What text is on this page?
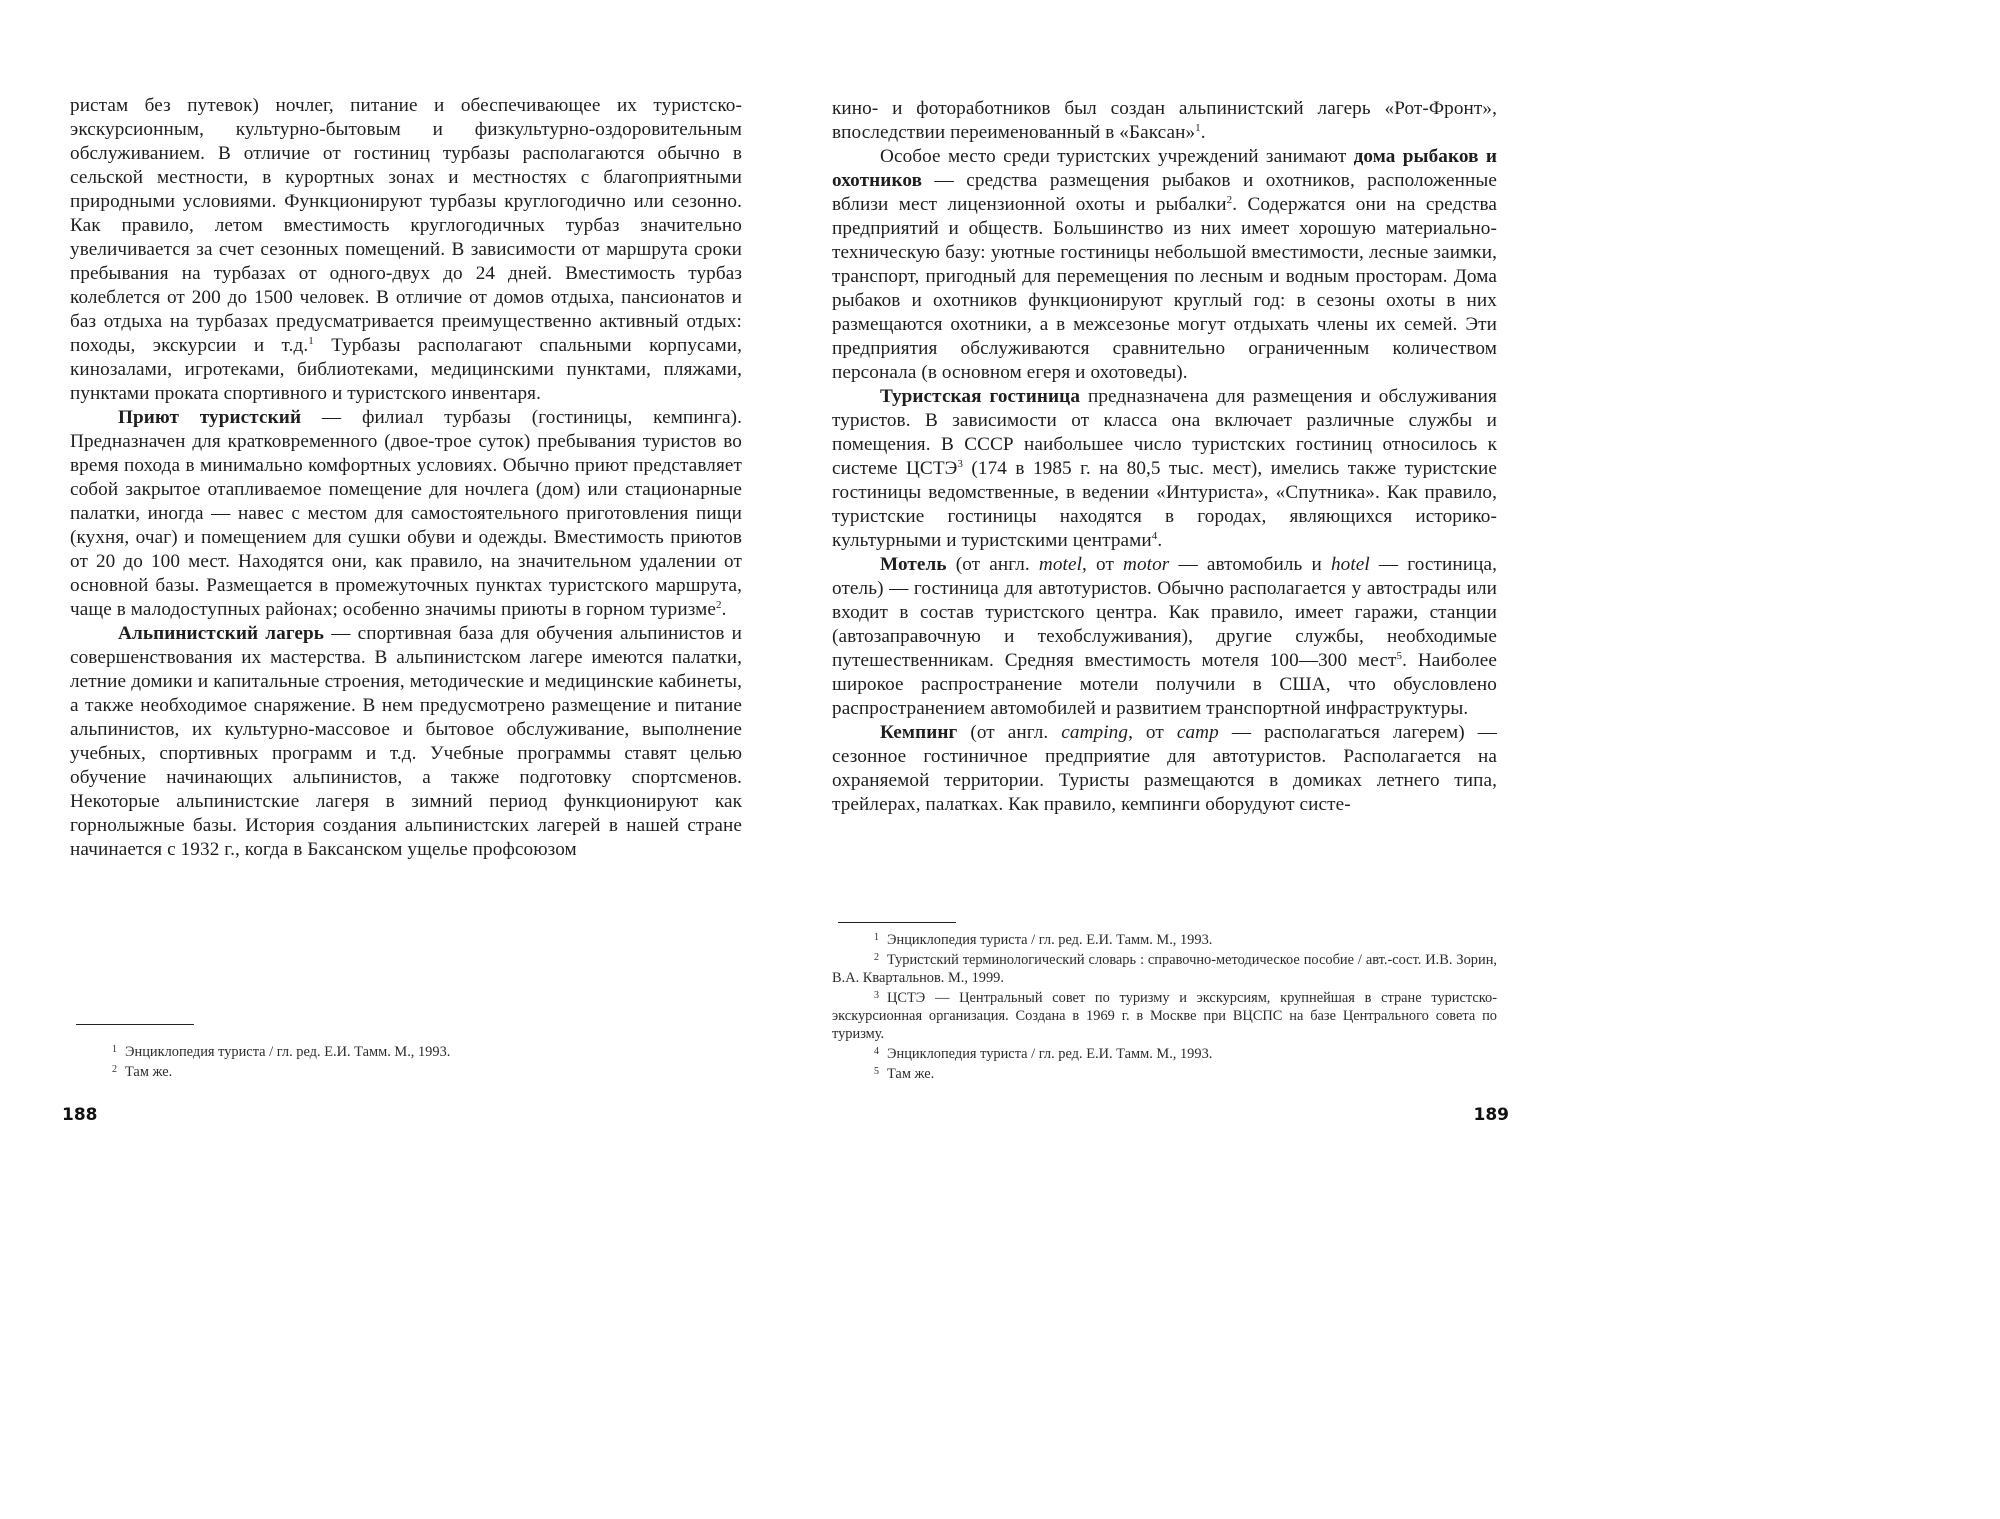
ристам без путевок) ночлег, питание и обеспечивающее их туристско-экскурсионным, культурно-бытовым и физкультурно-оздоровительным обслуживанием. В отличие от гостиниц турбазы располагаются обычно в сельской местности, в курортных зонах и местностях с благоприятными природными условиями. Функционируют турбазы круглогодично или сезонно. Как правило, летом вместимость круглогодичных турбаз значительно увеличивается за счет сезонных помещений. В зависимости от маршрута сроки пребывания на турбазах от одного-двух до 24 дней. Вместимость турбаз колеблется от 200 до 1500 человек. В отличие от домов отдыха, пансионатов и баз отдыха на турбазах предусматривается преимущественно активный отдых: походы, экскурсии и т.д.$^1$ Турбазы располагают спальными корпусами, кинозалами, игротеками, библиотеками, медицинскими пунктами, пляжами, пунктами проката спортивного и туристского инвентаря.

Приют туристский — филиал турбазы (гостиницы, кемпинга). Предназначен для кратковременного (двое-трое суток) пребывания туристов во время похода в минимально комфортных условиях. Обычно приют представляет собой закрытое отапливаемое помещение для ночлега (дом) или стационарные палатки, иногда — навес с местом для самостоятельного приготовления пищи (кухня, очаг) и помещением для сушки обуви и одежды. Вместимость приютов от 20 до 100 мест. Находятся они, как правило, на значительном удалении от основной базы. Размещается в промежуточных пунктах туристского маршрута, чаще в малодоступных районах; особенно значимы приюты в горном туризме$^2$.

Альпинистский лагерь — спортивная база для обучения альпинистов и совершенствования их мастерства. В альпинистском лагере имеются палатки, летние домики и капитальные строения, методические и медицинские кабинеты, а также необходимое снаряжение. В нем предусмотрено размещение и питание альпинистов, их культурно-массовое и бытовое обслуживание, выполнение учебных, спортивных программ и т.д. Учебные программы ставят целью обучение начинающих альпинистов, а также подготовку спортсменов. Некоторые альпинистские лагеря в зимний период функционируют как горнолыжные базы. История создания альпинистских лагерей в нашей стране начинается с 1932 г., когда в Баксанском ущелье профсоюзом

$^1$ Энциклопедия туриста / гл. ред. Е.И. Тамм. М., 1993.

$^2$ Там же.

188

кино- и фоторабoтников был создан альпинистский лагерь «Рот-Фронт», впоследствии переименованный в «Баксан»$^1$.

Особое место среди туристских учреждений занимают дома рыбаков и охотников — средства размещения рыбаков и охотников, расположенные вблизи мест лицензионной охоты и рыбалки$^2$. Содержатся они на средства предприятий и обществ. Большинство из них имеет хорошую материально-техническую базу: уютные гостиницы небольшой вместимости, лесные заимки, транспорт, пригодный для перемещения по лесным и водным просторам. Дома рыбаков и охотников функционируют круглый год: в сезоны охоты в них размещаются охотники, а в межсезонье могут отдыхать члены их семей. Эти предприятия обслуживаются сравнительно ограниченным количеством персонала (в основном егеря и охотоведы).

Туристская гостиница предназначена для размещения и обслуживания туристов. В зависимости от класса она включает различные службы и помещения. В СССР наибольшее число туристских гостиниц относилось к системе ЦСТЭ$^3$ (174 в 1985 г. на 80,5 тыс. мест), имелись также туристские гостиницы ведомственные, в ведении «Интуриста», «Спутника». Как правило, туристские гостиницы находятся в городах, являющихся историко-культурными и туристскими центрами$^4$.

Мотель (от англ. motel, от motor — автомобиль и hotel — гостиница, отель) — гостиница для автотуристов. Обычно располагается у автострады или входит в состав туристского центра. Как правило, имеет гаражи, станции (автозаправочную и техобслуживания), другие службы, необходимые путешественникам. Средняя вместимость мотеля 100—300 мест$^5$. Наиболее широкое распространение мотели получили в США, что обусловлено распространением автомобилей и развитием транспортной инфраструктуры.

Кемпинг (от англ. camping, от camp — располагаться лагерем) — сезонное гостиничное предприятие для автотуристов. Располагается на охраняемой территории. Туристы размещаются в домиках летнего типа, трейлерах, палатках. Как правило, кемпинги оборудуют систе-

$^1$ Энциклопедия туриста / гл. ред. Е.И. Тамм. М., 1993.

$^2$ Туристский терминологический словарь : справочно-методическое пособие / авт.-сост. И.В. Зорин, В.А. Квартальнов. М., 1999.

$^3$ ЦСТЭ — Центральный совет по туризму и экскурсиям, крупнейшая в стране туристско-экскурсионная организация. Создана в 1969 г. в Москве при ВЦСПС на базе Центрального совета по туризму.

$^4$ Энциклопедия туриста / гл. ред. Е.И. Тамм. М., 1993.

$^5$ Там же.

189
